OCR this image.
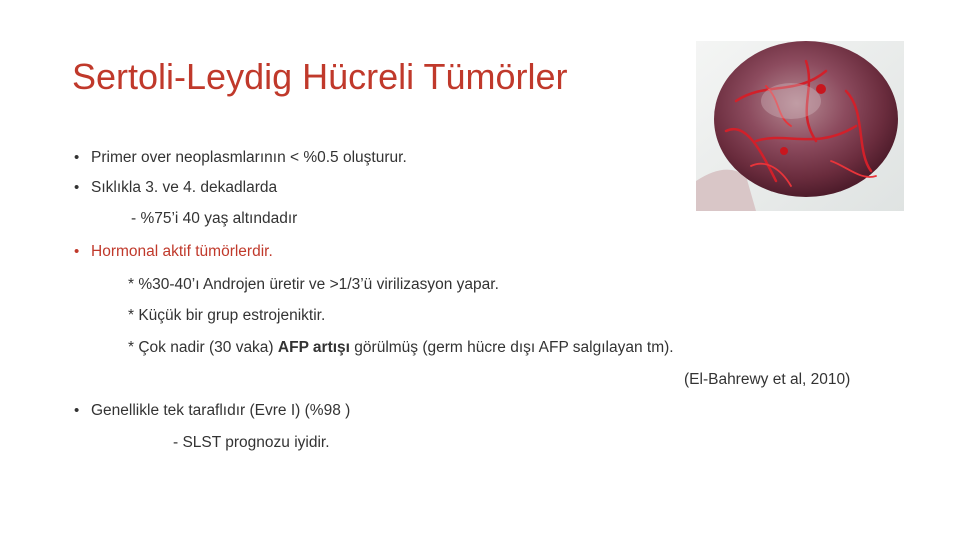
Sertoli-Leydig Hücreli Tümörler
• Primer over neoplasmlarının < %0.5 oluşturur.
• Sıklıkla 3. ve 4. dekadlarda
- %75’i 40 yaş altındadır
• Hormonal aktif tümörlerdir.
* %30-40’ı Androjen üretir ve >1/3’ü virilizasyon yapar.
* Küçük bir grup estrojeniktir.
* Çok nadir (30 vaka) AFP artışı görülmüş (germ hücre dışı AFP salgılayan tm).
(El-Bahrewy et al, 2010)
• Genellikle tek taraflıdır (Evre I) (%98 )
- SLST prognozu iyidir.
